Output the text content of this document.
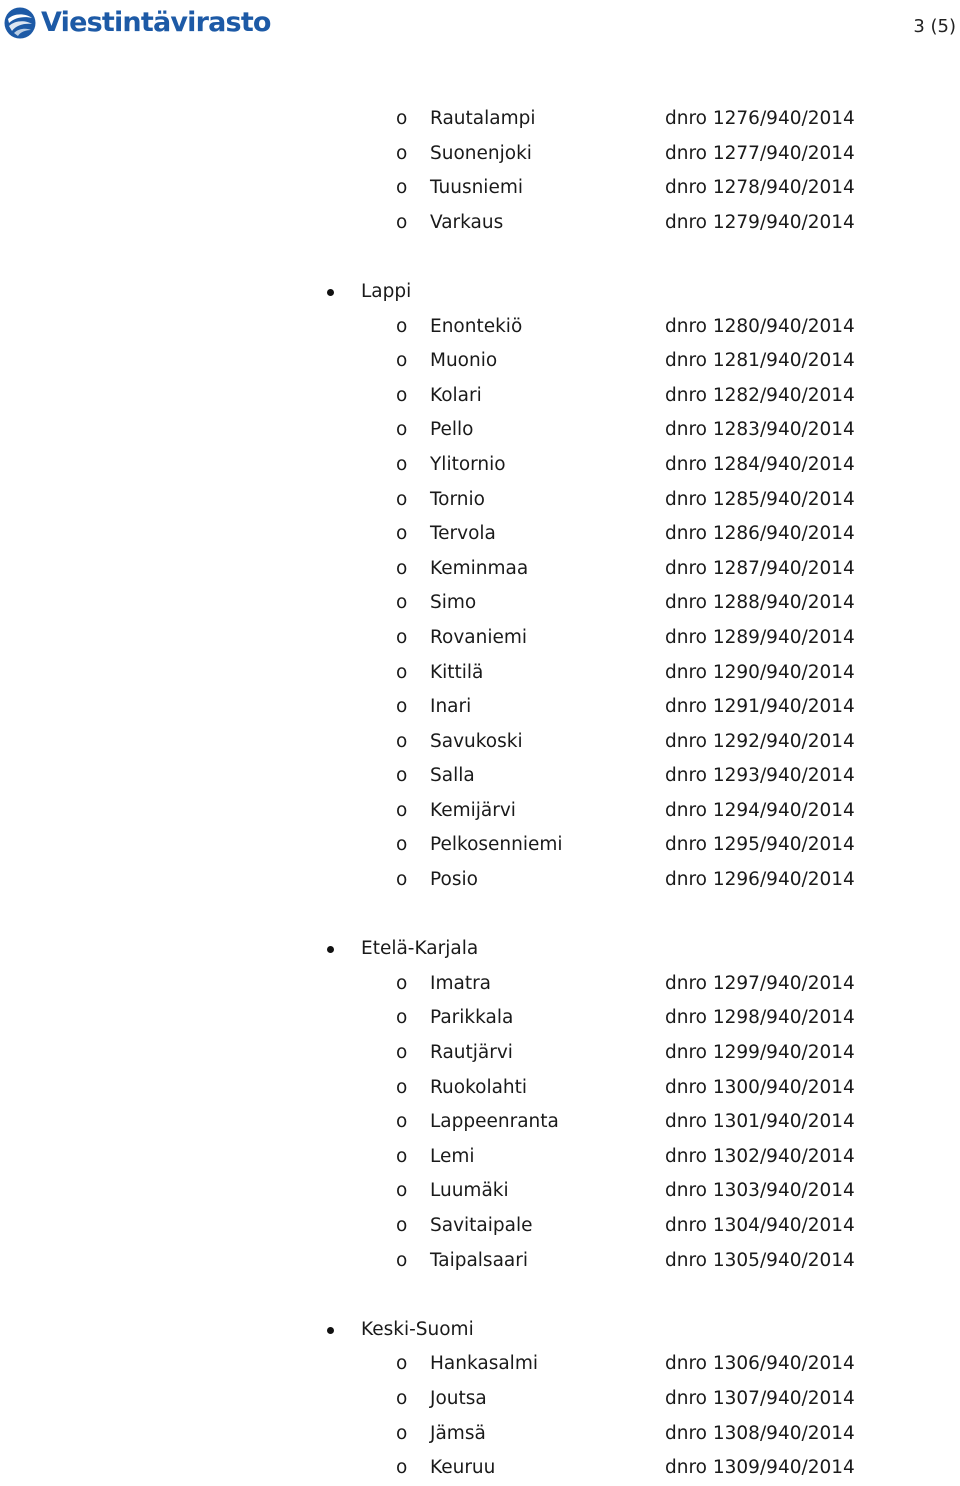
Viestintävirasto	3 (5)
o Rautalampi	dnro 1276/940/2014
o Suonenjoki	dnro 1277/940/2014
o Tuusniemi	dnro 1278/940/2014
o Varkaus	dnro 1279/940/2014
Lappi
o Enontekiö	dnro 1280/940/2014
o Muonio	dnro 1281/940/2014
o Kolari	dnro 1282/940/2014
o Pello	dnro 1283/940/2014
o Ylitornio	dnro 1284/940/2014
o Tornio	dnro 1285/940/2014
o Tervola	dnro 1286/940/2014
o Keminmaa	dnro 1287/940/2014
o Simo	dnro 1288/940/2014
o Rovaniemi	dnro 1289/940/2014
o Kittilä	dnro 1290/940/2014
o Inari	dnro 1291/940/2014
o Savukoski	dnro 1292/940/2014
o Salla	dnro 1293/940/2014
o Kemijärvi	dnro 1294/940/2014
o Pelkosenniemi	dnro 1295/940/2014
o Posio	dnro 1296/940/2014
Etelä-Karjala
o Imatra	dnro 1297/940/2014
o Parikkala	dnro 1298/940/2014
o Rautjärvi	dnro 1299/940/2014
o Ruokolahti	dnro 1300/940/2014
o Lappeenranta	dnro 1301/940/2014
o Lemi	dnro 1302/940/2014
o Luumäki	dnro 1303/940/2014
o Savitaipale	dnro 1304/940/2014
o Taipalsaari	dnro 1305/940/2014
Keski-Suomi
o Hankasalmi	dnro 1306/940/2014
o Joutsa	dnro 1307/940/2014
o Jämsä	dnro 1308/940/2014
o Keuruu	dnro 1309/940/2014
